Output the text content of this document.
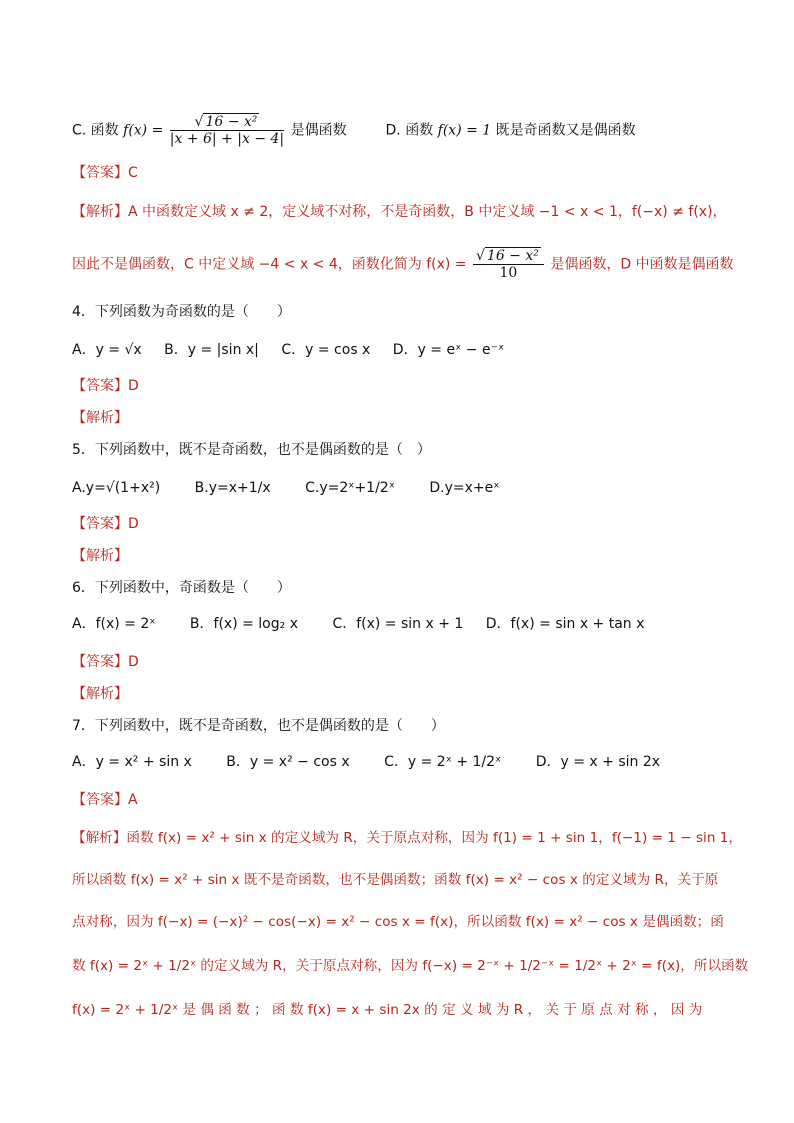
C. 函数 $f(x) = \frac{\text{√ 16 − x²}}{|x + 6| + |x - 4|}$ 是偶函数	D. 函数 f(x) = 1 既是奇函数又是偶函数
【答案】C
【解析】A 中函数定义域 x ≠ 2，定义域不对称，不是奇函数，B 中定义域 −1 < x < 1，f(−x) ≠ f(x)，
因此不是偶函数，C 中定义域 −4 < x < 4，函数化简为 $f(x) = \frac{\text{√ 16 − x²}}{10}$ 是偶函数，D 中函数是偶函数
4．下列函数为奇函数的是（　　）
A．y = √x B．y = |sin x| C．y = cos x D．y = eˣ − e⁻ˣ
【答案】D
【解析】
5．下列函数中，既不是奇函数，也不是偶函数的是（　）
A.y=√(1+x²) B.y=x+1/x C.y=2ˣ+1/2ˣ D.y=x+eˣ
【答案】D
【解析】
6．下列函数中，奇函数是（　　）
A．f(x) = 2ˣ B．f(x) = log₂ x C．f(x) = sin x + 1 D．f(x) = sin x + tan x
【答案】D
【解析】
7．下列函数中，既不是奇函数，也不是偶函数的是（　　）
A．y = x² + sin x B．y = x² − cos x C．y = 2ˣ + 1/2ˣ D．y = x + sin 2x
【答案】A
【解析】函数 f(x) = x² + sin x 的定义域为 R，关于原点对称，因为 f(1) = 1 + sin 1，f(−1) = 1 − sin 1，
所以函数 f(x) = x² + sin x 既不是奇函数，也不是偶函数；函数 f(x) = x² − cos x 的定义域为 R，关于原
点对称，因为 f(−x) = (−x)² − cos(−x) = x² − cos x = f(x)，所以函数 f(x) = x² − cos x 是偶函数；函
数 f(x) = 2ˣ + 1/2ˣ 的定义域为 R，关于原点对称，因为 f(−x) = 2⁻ˣ + 1/2⁻ˣ = 1/2ˣ + 2ˣ = f(x)，所以函数
f(x) = 2ˣ + 1/2ˣ 是 偶 函 数 ； 函 数 f(x) = x + sin 2x 的 定 义 域 为 R ， 关 于 原 点 对 称 ， 因 为
